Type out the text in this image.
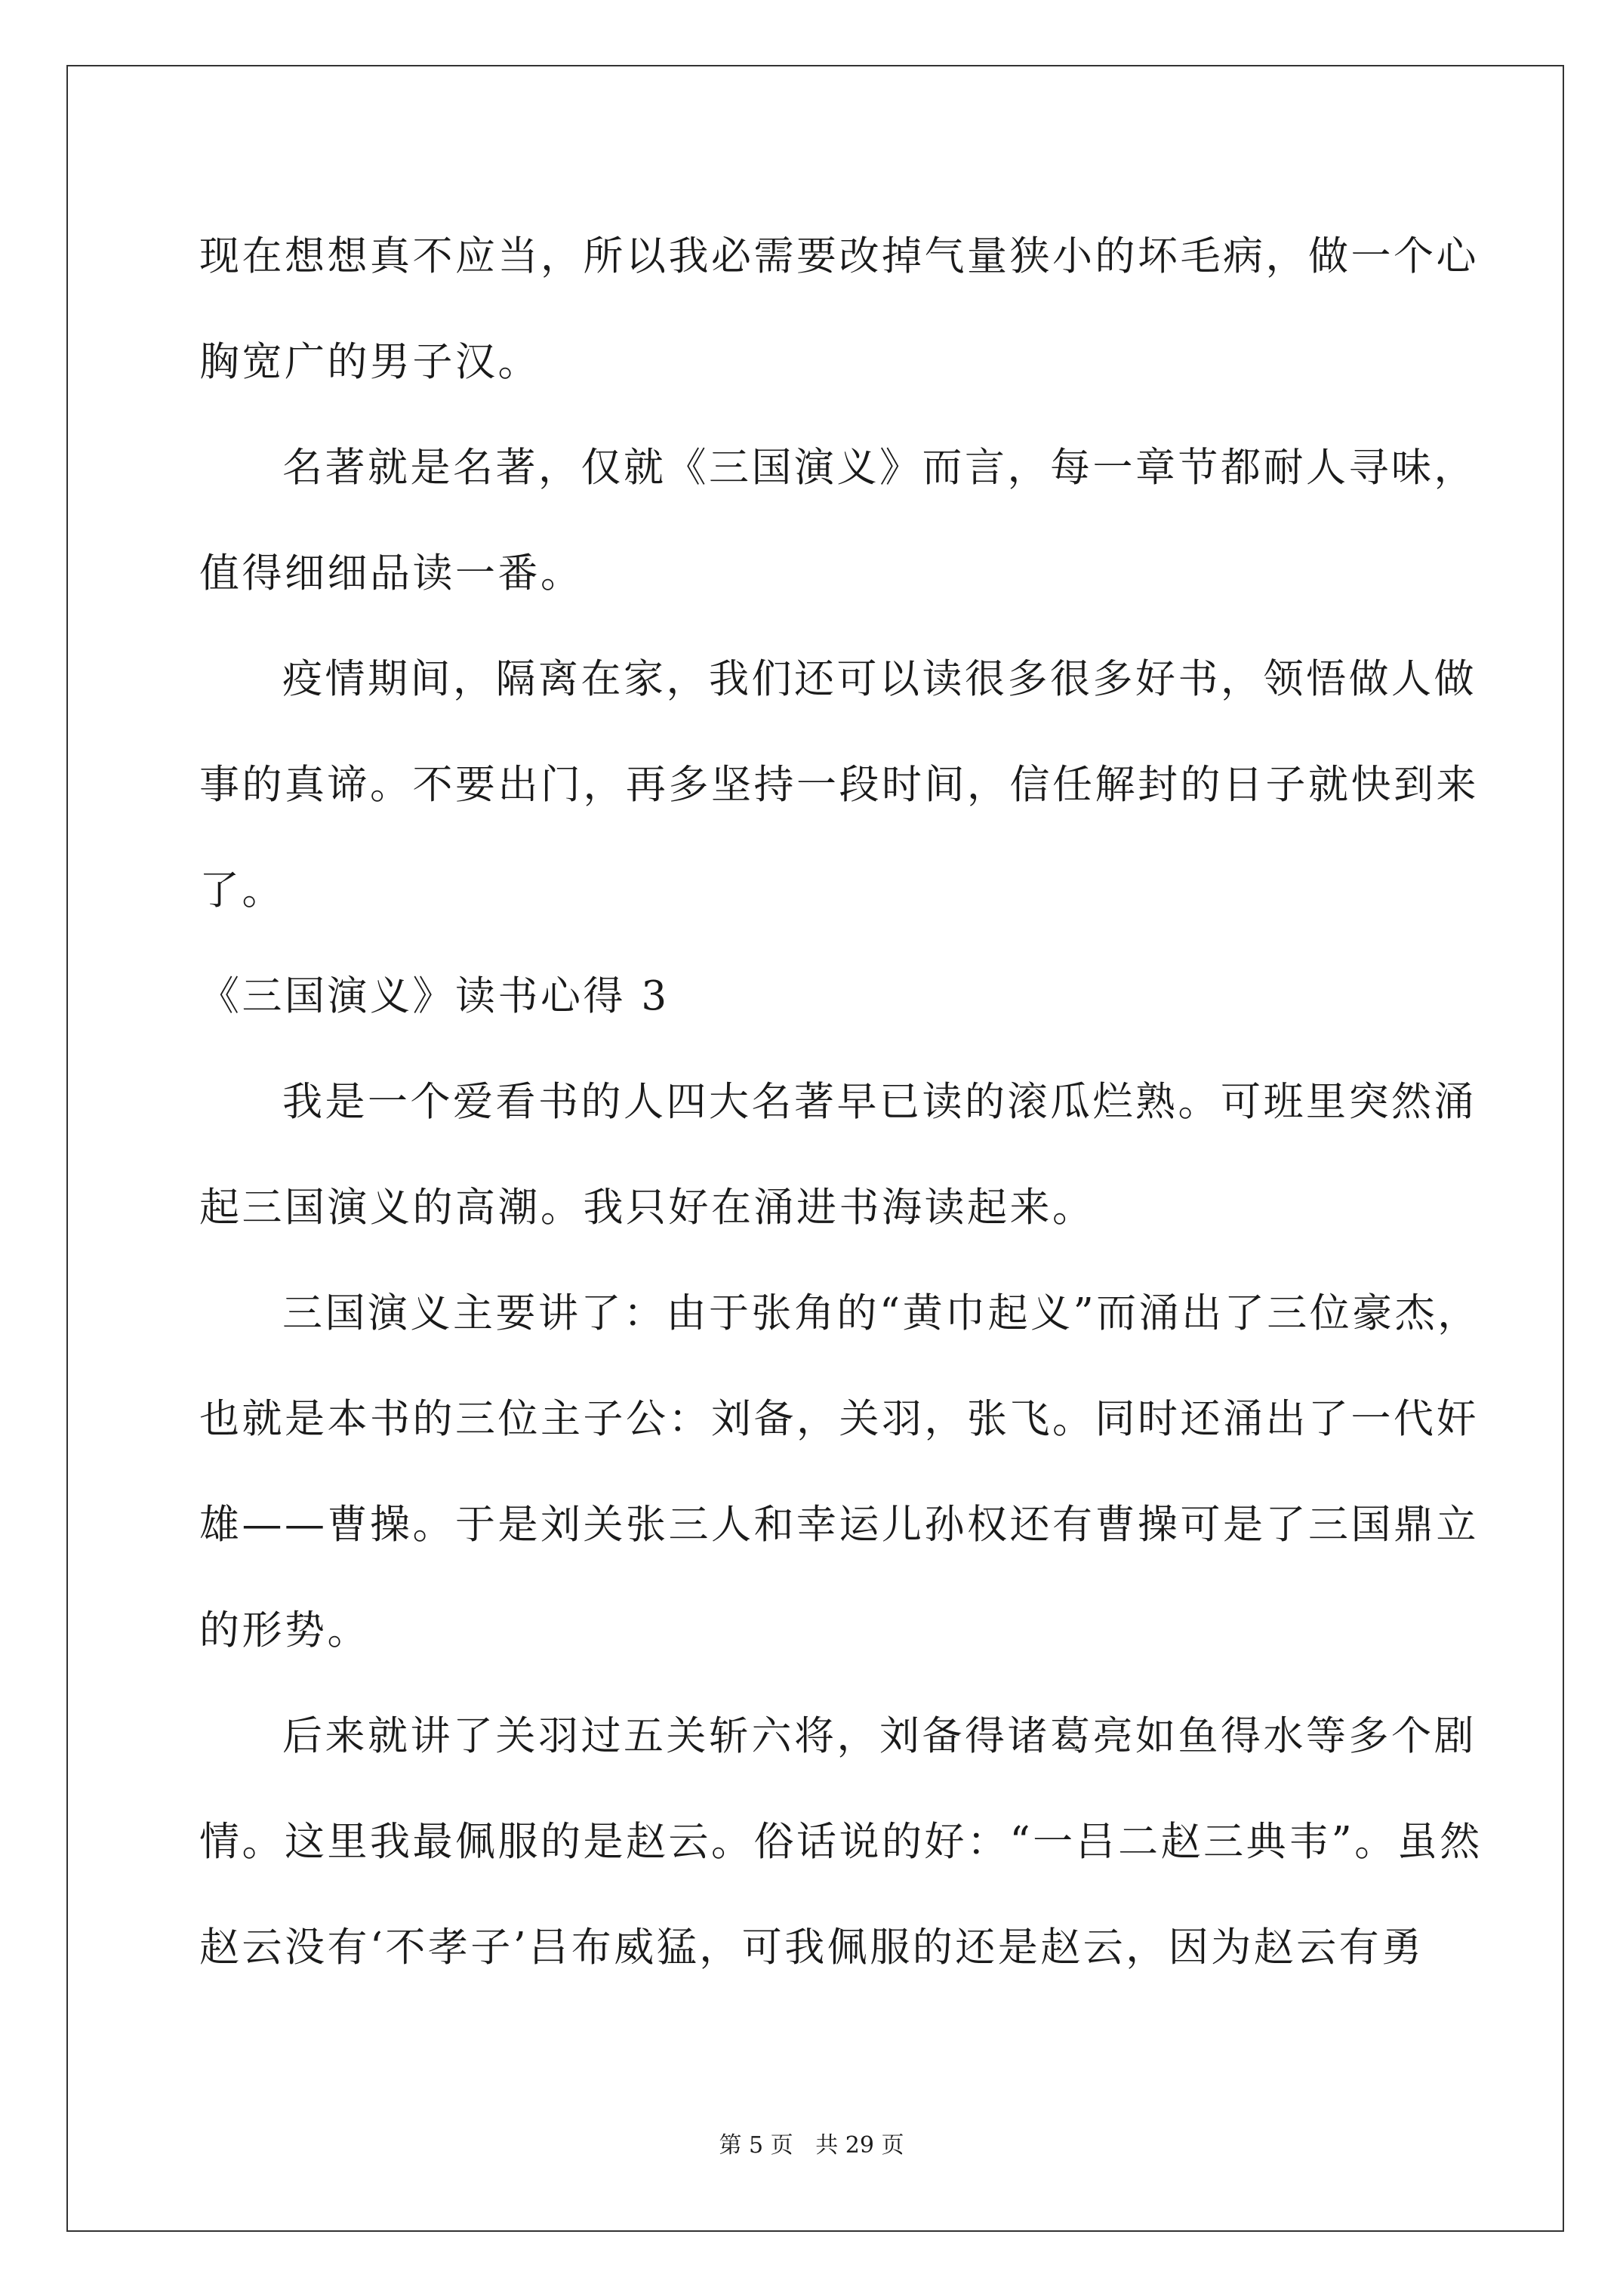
现在想想真不应当，所以我必需要改掉气量狭小的坏毛病，做一个心
胸宽广的男子汉。
名著就是名著，仅就《三国演义》而言，每一章节都耐人寻味，
值得细细品读一番。
疫情期间，隔离在家，我们还可以读很多很多好书，领悟做人做
事的真谛。不要出门，再多坚持一段时间，信任解封的日子就快到来
了。
《三国演义》读书心得 3
我是一个爱看书的人四大名著早已读的滚瓜烂熟。可班里突然涌
起三国演义的高潮。我只好在涌进书海读起来。
三国演义主要讲了：由于张角的“黄巾起义”而涌出了三位豪杰，
也就是本书的三位主子公：刘备，关羽，张飞。同时还涌出了一代奸
雄——曹操。于是刘关张三人和幸运儿孙权还有曹操可是了三国鼎立
的形势。
后来就讲了关羽过五关斩六将，刘备得诸葛亮如鱼得水等多个剧
情。这里我最佩服的是赵云。俗话说的好：“一吕二赵三典韦”。虽然
赵云没有‘不孝子’吕布威猛，可我佩服的还是赵云，因为赵云有勇
第 5 页 共 29 页
